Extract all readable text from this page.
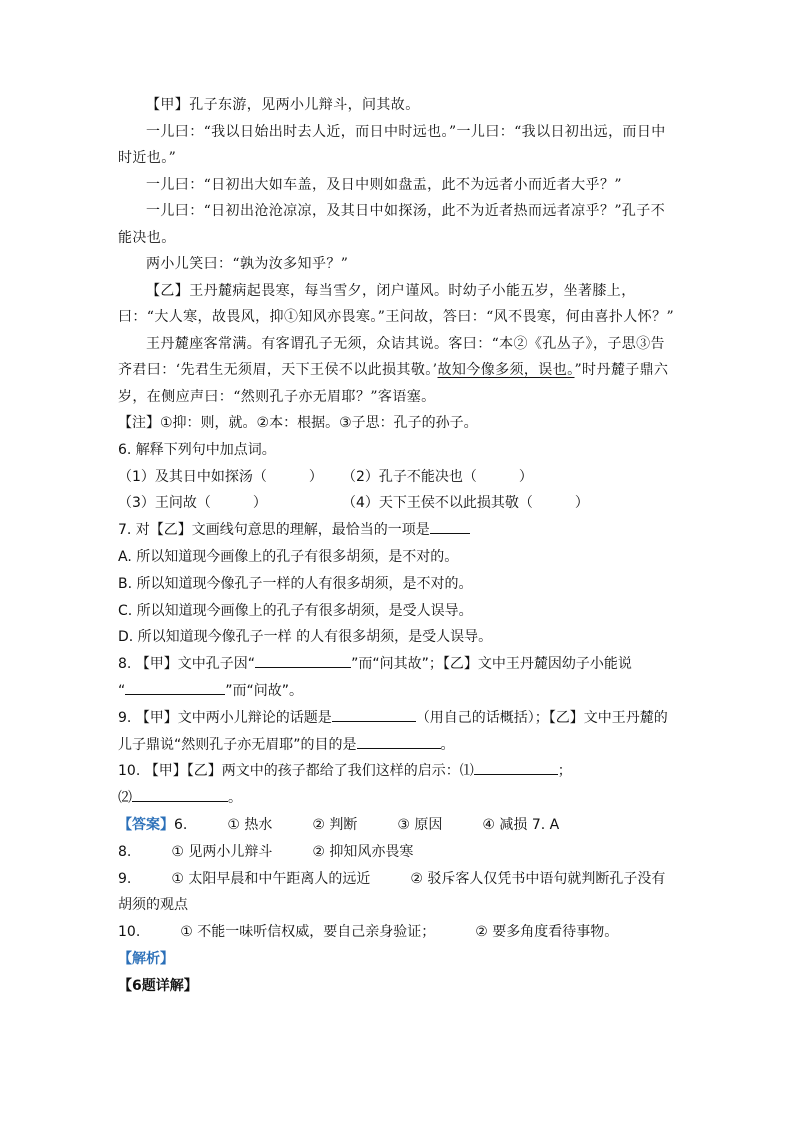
【甲】孔子东游，见两小儿辩斗，问其故。

一儿曰：“我以日始出时去人近，而日中时远也。”一儿曰：“我以日初出远，而日中时近也。”

一儿曰：“日初出大如车盖，及日中则如盘盂，此不为远者小而近者大乎？”

一儿曰：“日初出沧沧凉凉，及其日中如探汤，此不为近者热而远者凉乎？”孔子不能决也。

两小儿笑曰：“孰为汝多知乎？”

【乙】王丹麓病起畏寒，每当雪夕，闭户谨风。时幼子小能五岁，坐著膝上，曰：“大人寒，故畏风，抑①知风亦畏寒。”王问故，答曰：“风不畏寒，何由喜扑人怀？”

王丹麓座客常满。有客谓孔子无须，众诘其说。客曰：“本②《孔丛子》，子思③告齐君曰：‘先君生无须眉，天下王侯不以此损其敬。’故知今像多须，误也。”时丹麓子鼎六岁，在侧应声曰：“然则孔子亦无眉耶？”客语塞。

【注】①抑：则，就。②本：根据。③子思：孔子的孙子。

6. 解释下列句中加点词。

（1）及其日中如探汤（　　　）	（2）孔子不能决也（　　　）
（3）王问故（　　　）	（4）天下王侯不以此损其敬（　　　）

7. 对【乙】文画线句意思的理解，最恰当的一项是

A. 所以知道现今画像上的孔子有很多胡须，是不对的。

B. 所以知道现今像孔子一样的人有很多胡须，是不对的。

C. 所以知道现今画像上的孔子有很多胡须，是受人误导。

D. 所以知道现今像孔子一样 的人有很多胡须，是受人误导。

8. 【甲】文中孔子因“	”而“问其故”；【乙】文中王丹麓因幼子小能说

“	”而“问故”。

9. 【甲】文中两小儿辩论的话题是	（用自己的话概括）；【乙】文中王丹麓的

儿子鼎说“然则孔子亦无眉耶”的目的是	。

10. 【甲】【乙】两文中的孩子都给了我们这样的启示：⑴	；

⑵	。

【答案】6.	① 热水	② 判断	③ 原因	④ 减损 7. A

8.	① 见两小儿辩斗	② 抑知风亦畏寒

9.	① 太阳早晨和中午距离人的远近	② 驳斥客人仅凭书中语句就判断孔子没有胡须的观点

10.	① 不能一味听信权威，要自己亲身验证；	② 要多角度看待事物。

【解析】

【6题详解】
